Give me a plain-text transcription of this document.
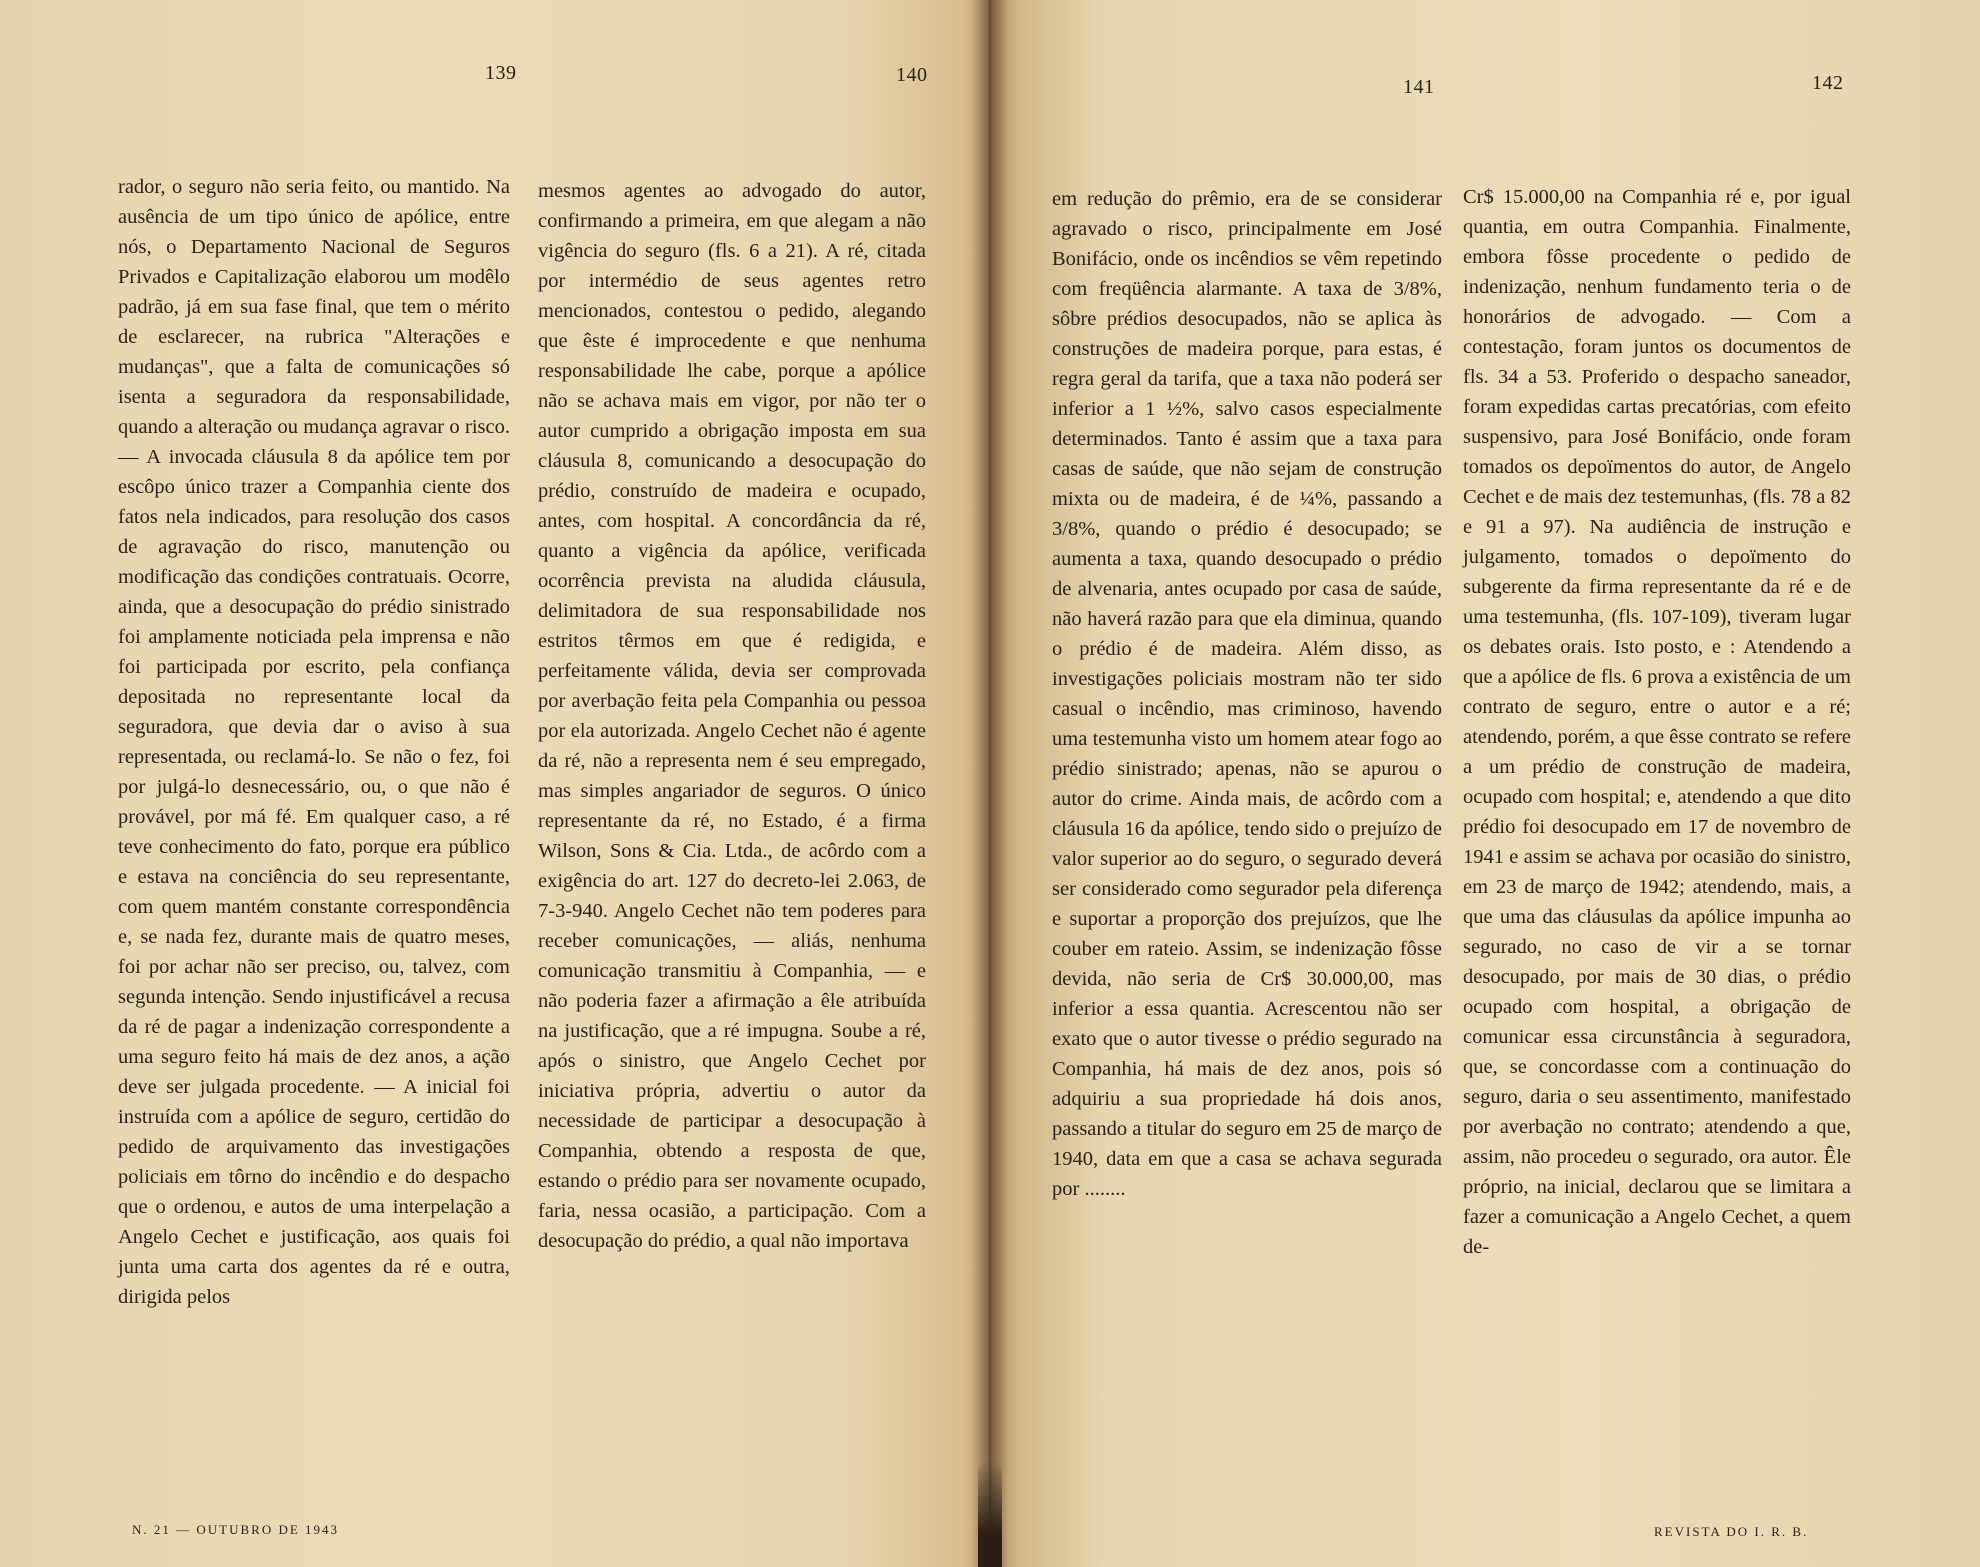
139	140

rador, o seguro não seria feito, ou mantido. Na ausência de um tipo único de apólice, entre nós, o Departamento Nacional de Seguros Privados e Capitalização elaborou um modêlo padrão, já em sua fase final, que tem o mérito de esclarecer, na rubrica "Alterações e mudanças", que a falta de comunicações só isenta a seguradora da responsabilidade, quando a alteração ou mudança agravar o risco. — A invocada cláusula 8 da apólice tem por escôpo único trazer a Companhia ciente dos fatos nela indicados, para resolução dos casos de agravação do risco, manutenção ou modificação das condições contratuais. Ocorre, ainda, que a desocupação do prédio sinistrado foi amplamente noticiada pela imprensa e não foi participada por escrito, pela confiança depositada no representante local da seguradora, que devia dar o aviso à sua representada, ou reclamá-lo. Se não o fez, foi por julgá-lo desnecessário, ou, o que não é provável, por má fé. Em qualquer caso, a ré teve conhecimento do fato, porque era público e estava na conciência do seu representante, com quem mantém constante correspondência e, se nada fez, durante mais de quatro meses, foi por achar não ser preciso, ou, talvez, com segunda intenção. Sendo injustificável a recusa da ré de pagar a indenização correspondente a uma seguro feito há mais de dez anos, a ação deve ser julgada procedente. — A inicial foi instruída com a apólice de seguro, certidão do pedido de arquivamento das investigações policiais em tôrno do incêndio e do despacho que o ordenou, e autos de uma interpelação a Angelo Cechet e justificação, aos quais foi junta uma carta dos agentes da ré e outra, dirigida pelos

mesmos agentes ao advogado do autor, confirmando a primeira, em que alegam a não vigência do seguro (fls. 6 a 21). A ré, citada por intermédio de seus agentes retro mencionados, contestou o pedido, alegando que êste é improcedente e que nenhuma responsabilidade lhe cabe, porque a apólice não se achava mais em vigor, por não ter o autor cumprido a obrigação imposta em sua cláusula 8, comunicando a desocupação do prédio, construído de madeira e ocupado, antes, com hospital. A concordância da ré, quanto a vigência da apólice, verificada ocorrência prevista na aludida cláusula, delimitadora de sua responsabilidade nos estritos têrmos em que é redigida, e perfeitamente válida, devia ser comprovada por averbação feita pela Companhia ou pessoa por ela autorizada. Angelo Cechet não é agente da ré, não a representa nem é seu empregado, mas simples angariador de seguros. O único representante da ré, no Estado, é a firma Wilson, Sons & Cia. Ltda., de acôrdo com a exigência do art. 127 do decreto-lei 2.063, de 7-3-940. Angelo Cechet não tem poderes para receber comunicações, — aliás, nenhuma comunicação transmitiu à Companhia, — e não poderia fazer a afirmação a êle atribuída na justificação, que a ré impugna. Soube a ré, após o sinistro, que Angelo Cechet por iniciativa própria, advertiu o autor da necessidade de participar a desocupação à Companhia, obtendo a resposta de que, estando o prédio para ser novamente ocupado, faria, nessa ocasião, a participação. Com a desocupação do prédio, a qual não importava

N. 21 — OUTUBRO DE 1943
141	142

em redução do prêmio, era de se considerar agravado o risco, principalmente em José Bonifácio, onde os incêndios se vêm repetindo com freqüência alarmante. A taxa de 3/8%, sôbre prédios desocupados, não se aplica às construções de madeira porque, para estas, é regra geral da tarifa, que a taxa não poderá ser inferior a 1 ½%, salvo casos especialmente determinados. Tanto é assim que a taxa para casas de saúde, que não sejam de construção mixta ou de madeira, é de ¼%, passando a 3/8%, quando o prédio é desocupado; se aumenta a taxa, quando desocupado o prédio de alvenaria, antes ocupado por casa de saúde, não haverá razão para que ela diminua, quando o prédio é de madeira. Além disso, as investigações policiais mostram não ter sido casual o incêndio, mas criminoso, havendo uma testemunha visto um homem atear fogo ao prédio sinistrado; apenas, não se apurou o autor do crime. Ainda mais, de acôrdo com a cláusula 16 da apólice, tendo sido o prejuízo de valor superior ao do seguro, o segurado deverá ser considerado como segurador pela diferença e suportar a proporção dos prejuízos, que lhe couber em rateio. Assim, se indenização fôsse devida, não seria de Cr$ 30.000,00, mas inferior a essa quantia. Acrescentou não ser exato que o autor tivesse o prédio segurado na Companhia, há mais de dez anos, pois só adquiriu a sua propriedade há dois anos, passando a titular do seguro em 25 de março de 1940, data em que a casa se achava segurada por ........

Cr$ 15.000,00 na Companhia ré e, por igual quantia, em outra Companhia. Finalmente, embora fôsse procedente o pedido de indenização, nenhum fundamento teria o de honorários de advogado. — Com a contestação, foram juntos os documentos de fls. 34 a 53. Proferido o despacho saneador, foram expedidas cartas precatórias, com efeito suspensivo, para José Bonifácio, onde foram tomados os depoïmentos do autor, de Angelo Cechet e de mais dez testemunhas, (fls. 78 a 82 e 91 a 97). Na audiência de instrução e julgamento, tomados o depoïmento do subgerente da firma representante da ré e de uma testemunha, (fls. 107-109), tiveram lugar os debates orais. Isto posto, e : Atendendo a que a apólice de fls. 6 prova a existência de um contrato de seguro, entre o autor e a ré; atendendo, porém, a que êsse contrato se refere a um prédio de construção de madeira, ocupado com hospital; e, atendendo a que dito prédio foi desocupado em 17 de novembro de 1941 e assim se achava por ocasião do sinistro, em 23 de março de 1942; atendendo, mais, a que uma das cláusulas da apólice impunha ao segurado, no caso de vir a se tornar desocupado, por mais de 30 dias, o prédio ocupado com hospital, a obrigação de comunicar essa circunstância à seguradora, que, se concordasse com a continuação do seguro, daria o seu assentimento, manifestado por averbação no contrato; atendendo a que, assim, não procedeu o segurado, ora autor. Êle próprio, na inicial, declarou que se limitara a fazer a comunicação a Angelo Cechet, a quem de-

REVISTA DO I. R. B.
